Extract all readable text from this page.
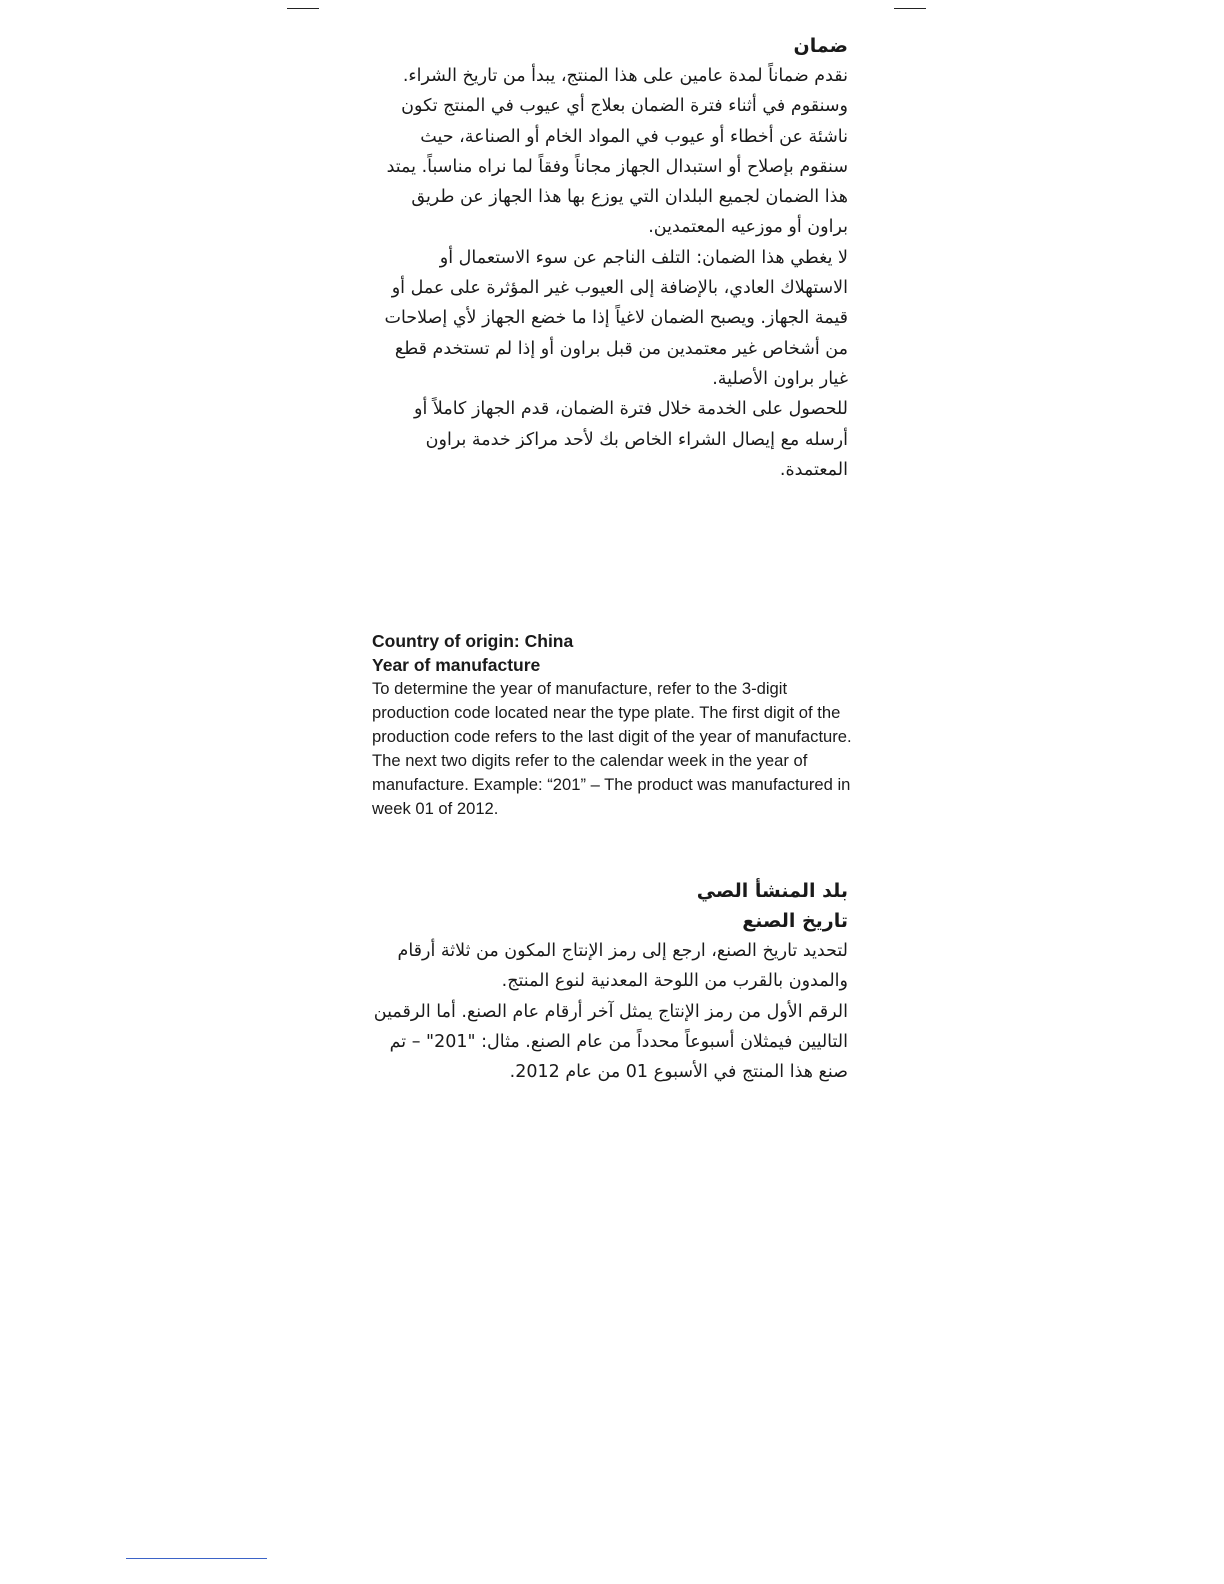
ضمان

نقدم ضماناً لمدة عامين على هذا المنتج، يبدأ من تاريخ الشراء. وسنقوم في أثناء فترة الضمان بعلاج أي عيوب في المنتج تكون ناشئة عن أخطاء أو عيوب في المواد الخام أو الصناعة، حيث سنقوم بإصلاح أو استبدال الجهاز مجاناً وفقاً لما نراه مناسباً. يمتد هذا الضمان لجميع البلدان التي يوزع بها هذا الجهاز عن طريق براون أو موزعيه المعتمدين.

لا يغطي هذا الضمان: التلف الناجم عن سوء الاستعمال أو الاستهلاك العادي، بالإضافة إلى العيوب غير المؤثرة على عمل أو قيمة الجهاز. ويصبح الضمان لاغياً إذا ما خضع الجهاز لأي إصلاحات من أشخاص غير معتمدين من قبل براون أو إذا لم تستخدم قطع غيار براون الأصلية.

للحصول على الخدمة خلال فترة الضمان، قدم الجهاز كاملاً أو أرسله مع إيصال الشراء الخاص بك لأحد مراكز خدمة براون المعتمدة.

Country of origin: China
Year of manufacture

To determine the year of manufacture, refer to the 3-digit production code located near the type plate. The first digit of the production code refers to the last digit of the year of manufacture. The next two digits refer to the calendar week in the year of manufacture. Example: “201” – The product was manufactured in week 01 of 2012.

بلد المنشأ الصي
تاريخ الصنع

لتحديد تاريخ الصنع، ارجع إلى رمز الإنتاج المكون من ثلاثة أرقام والمدون بالقرب من اللوحة المعدنية لنوع المنتج.

الرقم الأول من رمز الإنتاج يمثل آخر أرقام عام الصنع. أما الرقمين التاليين فيمثلان أسبوعاً محدداً من عام الصنع. مثال: "201" – تم صنع هذا المنتج في الأسبوع 01 من عام 2012.
